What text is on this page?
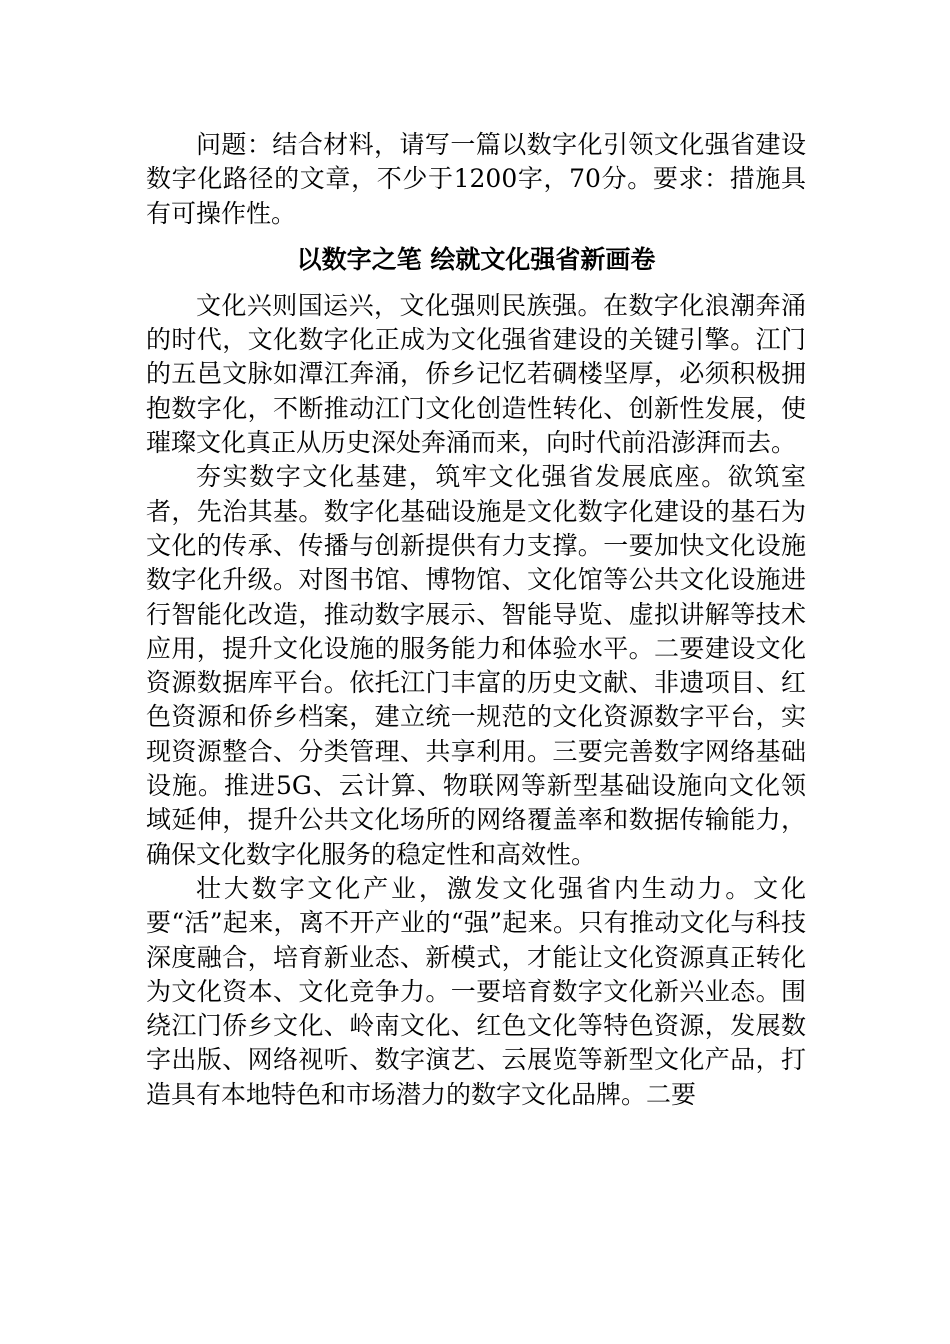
问题：结合材料，请写一篇以数字化引领文化强省建设数字化路径的文章，不少于1200字，70分。要求：措施具有可操作性。

以数字之笔 绘就文化强省新画卷

文化兴则国运兴，文化强则民族强。在数字化浪潮奔涌的时代，文化数字化正成为文化强省建设的关键引擎。江门的五邑文脉如潭江奔涌，侨乡记忆若碉楼坚厚，必须积极拥抱数字化，不断推动江门文化创造性转化、创新性发展，使璀璨文化真正从历史深处奔涌而来，向时代前沿澎湃而去。

夯实数字文化基建，筑牢文化强省发展底座。欲筑室者，先治其基。数字化基础设施是文化数字化建设的基石为文化的传承、传播与创新提供有力支撑。一要加快文化设施数字化升级。对图书馆、博物馆、文化馆等公共文化设施进行智能化改造，推动数字展示、智能导览、虚拟讲解等技术应用，提升文化设施的服务能力和体验水平。二要建设文化资源数据库平台。依托江门丰富的历史文献、非遗项目、红色资源和侨乡档案，建立统一规范的文化资源数字平台，实现资源整合、分类管理、共享利用。三要完善数字网络基础设施。推进5G、云计算、物联网等新型基础设施向文化领域延伸，提升公共文化场所的网络覆盖率和数据传输能力，确保文化数字化服务的稳定性和高效性。

壮大数字文化产业，激发文化强省内生动力。文化要“活”起来，离不开产业的“强”起来。只有推动文化与科技深度融合，培育新业态、新模式，才能让文化资源真正转化为文化资本、文化竞争力。一要培育数字文化新兴业态。围绕江门侨乡文化、岭南文化、红色文化等特色资源，发展数字出版、网络视听、数字演艺、云展览等新型文化产品，打造具有本地特色和市场潜力的数字文化品牌。二要
